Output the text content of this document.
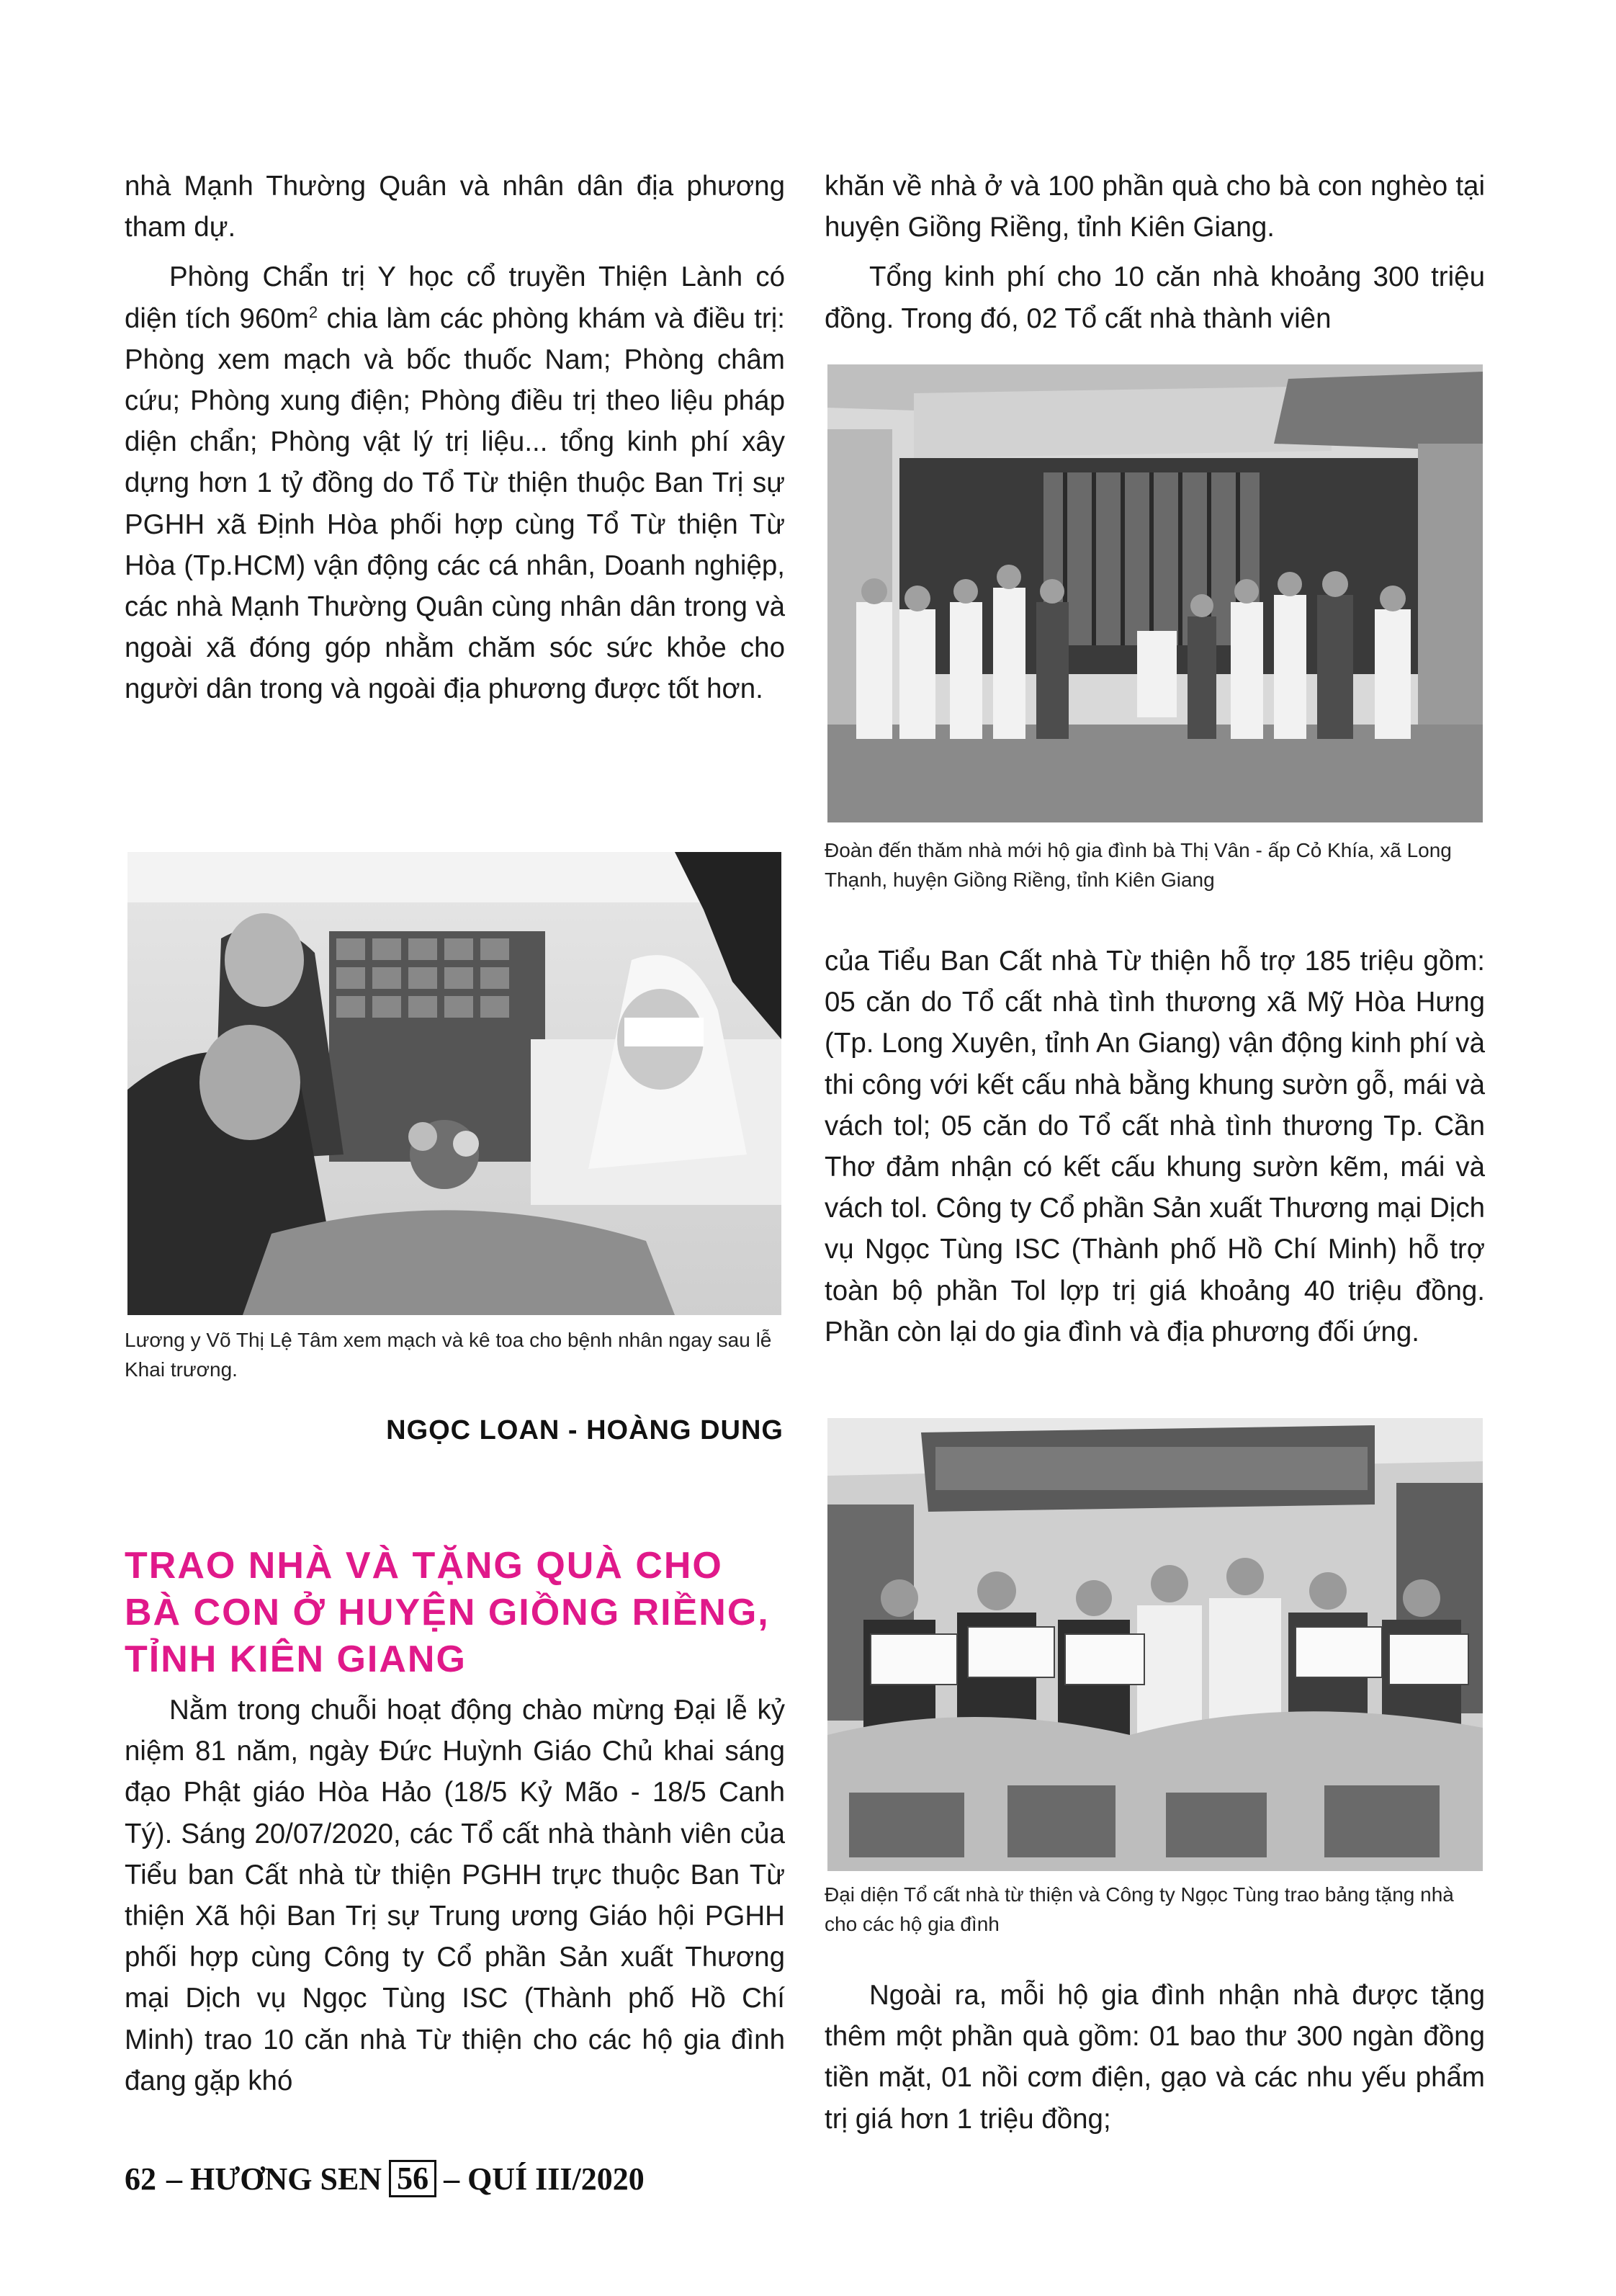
nhà Mạnh Thường Quân và nhân dân địa phương tham dự.

Phòng Chẩn trị Y học cổ truyền Thiện Lành có diện tích $960m^2$ chia làm các phòng khám và điều trị: Phòng xem mạch và bốc thuốc Nam; Phòng châm cứu; Phòng xung điện; Phòng điều trị theo liệu pháp diện chẩn; Phòng vật lý trị liệu... tổng kinh phí xây dựng hơn 1 tỷ đồng do Tổ Từ thiện thuộc Ban Trị sự PGHH xã Định Hòa phối hợp cùng Tổ Từ thiện Từ Hòa (Tp.HCM) vận động các cá nhân, Doanh nghiệp, các nhà Mạnh Thường Quân cùng nhân dân trong và ngoài xã đóng góp nhằm chăm sóc sức khỏe cho người dân trong và ngoài địa phương được tốt hơn.

Lương y Võ Thị Lệ Tâm xem mạch và kê toa cho bệnh nhân ngay sau lễ Khai trương.
NGỌC LOAN - HOÀNG DUNG
TRAO NHÀ VÀ TẶNG QUÀ CHO BÀ CON Ở HUYỆN GIỒNG RIỀNG, TỈNH KIÊN GIANG

Nằm trong chuỗi hoạt động chào mừng Đại lễ kỷ niệm 81 năm, ngày Đức Huỳnh Giáo Chủ khai sáng đạo Phật giáo Hòa Hảo (18/5 Kỷ Mão - 18/5 Canh Tý). Sáng 20/07/2020, các Tổ cất nhà thành viên của Tiểu ban Cất nhà từ thiện PGHH trực thuộc Ban Từ thiện Xã hội Ban Trị sự Trung ương Giáo hội PGHH phối hợp cùng Công ty Cổ phần Sản xuất Thương mại Dịch vụ Ngọc Tùng ISC (Thành phố Hồ Chí Minh) trao 10 căn nhà Từ thiện cho các hộ gia đình đang gặp khó

khăn về nhà ở và 100 phần quà cho bà con nghèo tại huyện Giồng Riềng, tỉnh Kiên Giang.

Tổng kinh phí cho 10 căn nhà khoảng 300 triệu đồng. Trong đó, 02 Tổ cất nhà thành viên

Đoàn đến thăm nhà mới hộ gia đình bà Thị Vân - ấp Cỏ Khía, xã Long Thạnh, huyện Giồng Riềng, tỉnh Kiên Giang

của Tiểu Ban Cất nhà Từ thiện hỗ trợ 185 triệu gồm: 05 căn do Tổ cất nhà tình thương xã Mỹ Hòa Hưng (Tp. Long Xuyên, tỉnh An Giang) vận động kinh phí và thi công với kết cấu nhà bằng khung sườn gỗ, mái và vách tol; 05 căn do Tổ cất nhà tình thương Tp. Cần Thơ đảm nhận có kết cấu khung sườn kẽm, mái và vách tol. Công ty Cổ phần Sản xuất Thương mại Dịch vụ Ngọc Tùng ISC (Thành phố Hồ Chí Minh) hỗ trợ toàn bộ phần Tol lợp trị giá khoảng 40 triệu đồng. Phần còn lại do gia đình và địa phương đối ứng.

Đại diện Tổ cất nhà từ thiện và Công ty Ngọc Tùng trao bảng tặng nhà cho các hộ gia đình

Ngoài ra, mỗi hộ gia đình nhận nhà được tặng thêm một phần quà gồm: 01 bao thư 300 ngàn đồng tiền mặt, 01 nồi cơm điện, gạo và các nhu yếu phẩm trị giá hơn 1 triệu đồng;

62 – HƯƠNG SEN 56 – QUÍ III/2020
